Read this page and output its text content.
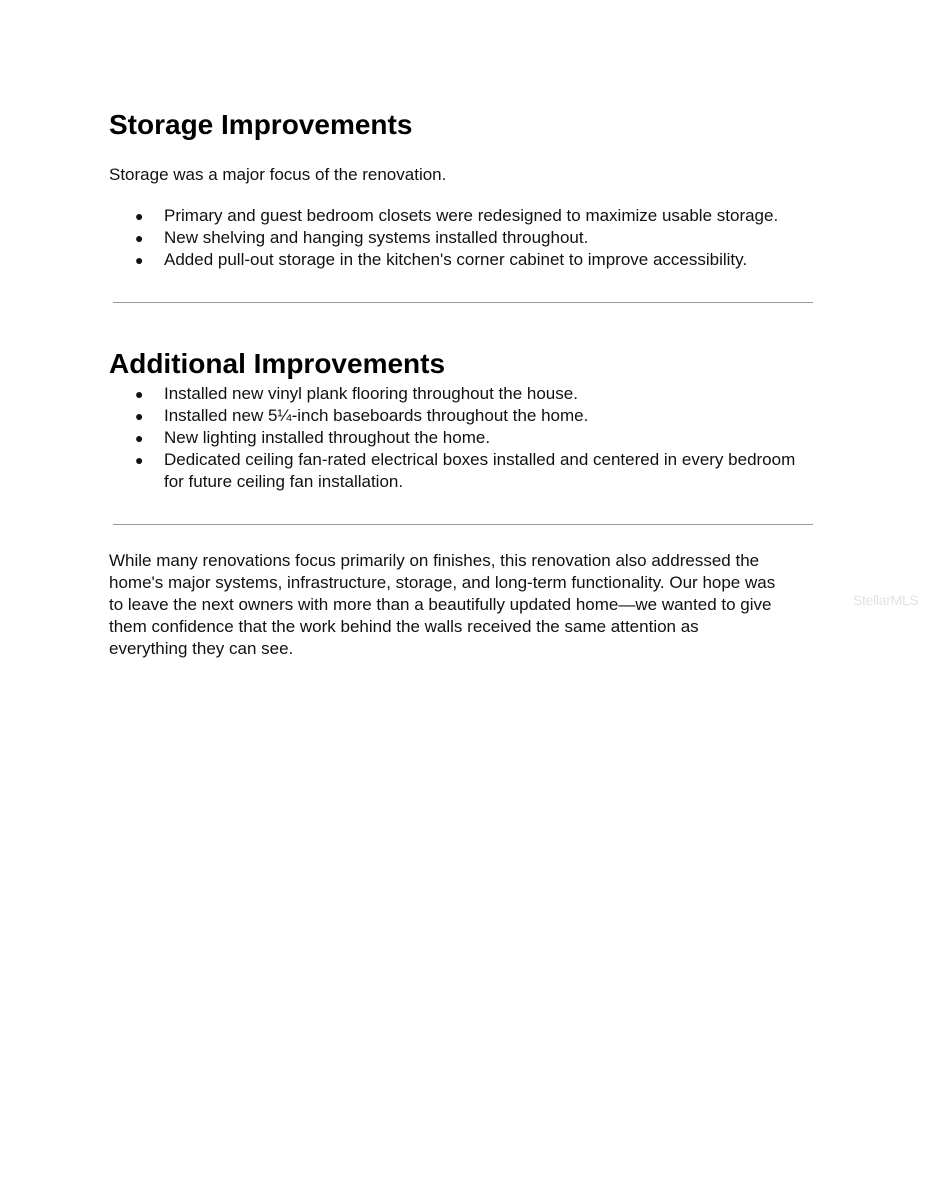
Storage Improvements

Storage was a major focus of the renovation.

● Primary and guest bedroom closets were redesigned to maximize usable storage.
● New shelving and hanging systems installed throughout.
● Added pull-out storage in the kitchen's corner cabinet to improve accessibility.
Additional Improvements
● Installed new vinyl plank flooring throughout the house.
● Installed new 5¼-inch baseboards throughout the home.
● New lighting installed throughout the home.
● Dedicated ceiling fan-rated electrical boxes installed and centered in every bedroom for future ceiling fan installation.

While many renovations focus primarily on finishes, this renovation also addressed the home's major systems, infrastructure, storage, and long-term functionality. Our hope was to leave the next owners with more than a beautifully updated home—we wanted to give them confidence that the work behind the walls received the same attention as everything they can see.

StellarMLS
